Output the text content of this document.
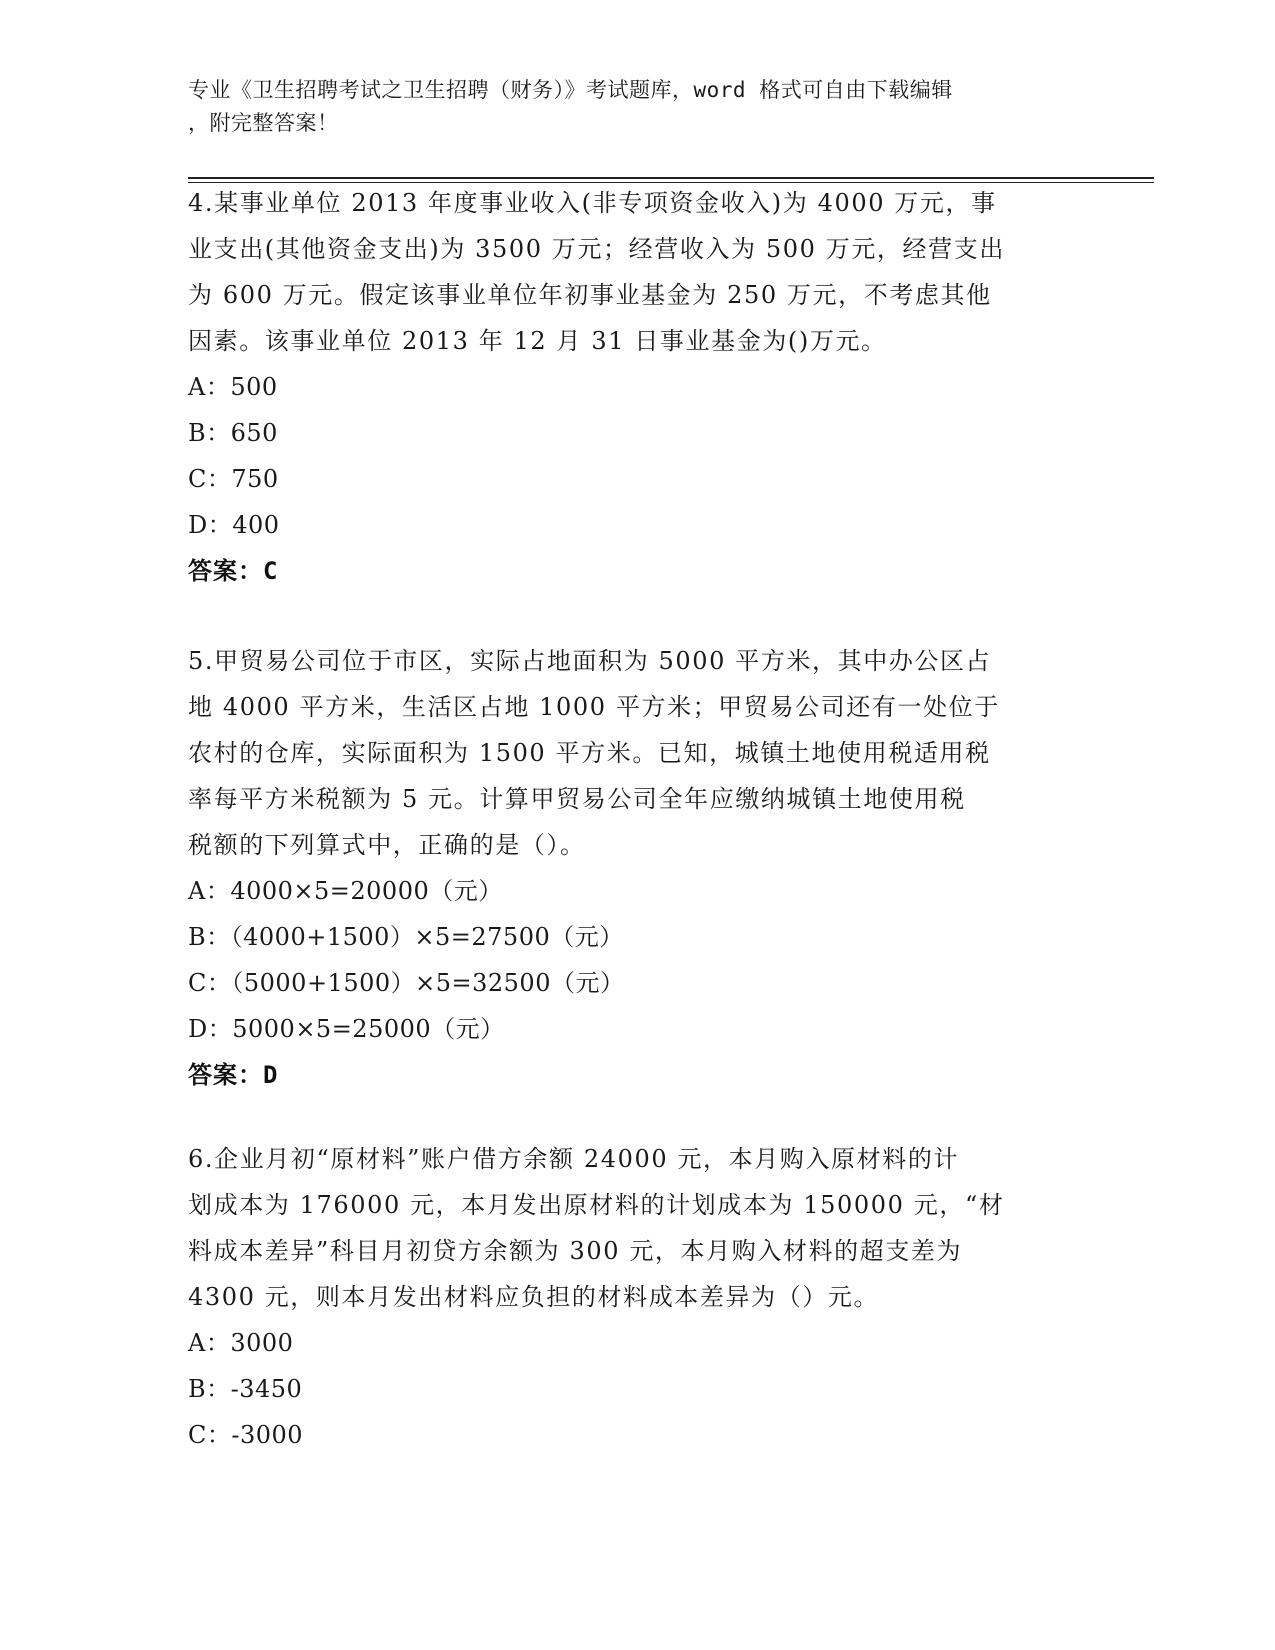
专业《卫生招聘考试之卫生招聘（财务）》考试题库，word 格式可自由下载编辑
，附完整答案！
4.某事业单位 2013 年度事业收入(非专项资金收入)为 4000 万元，事
业支出(其他资金支出)为 3500 万元；经营收入为 500 万元，经营支出
为 600 万元。假定该事业单位年初事业基金为 250 万元，不考虑其他
因素。该事业单位 2013 年 12 月 31 日事业基金为()万元。
A：500
B：650
C：750
D：400
答案：C
5.甲贸易公司位于市区，实际占地面积为 5000 平方米，其中办公区占
地 4000 平方米，生活区占地 1000 平方米；甲贸易公司还有一处位于
农村的仓库，实际面积为 1500 平方米。已知，城镇土地使用税适用税
率每平方米税额为 5 元。计算甲贸易公司全年应缴纳城镇土地使用税
税额的下列算式中，正确的是（）。
A：4000×5=20000（元）
B：（4000+1500）×5=27500（元）
C：（5000+1500）×5=32500（元）
D：5000×5=25000（元）
答案：D
6.企业月初“原材料”账户借方余额 24000 元，本月购入原材料的计
划成本为 176000 元，本月发出原材料的计划成本为 150000 元，“材
料成本差异”科目月初贷方余额为 300 元，本月购入材料的超支差为
4300 元，则本月发出材料应负担的材料成本差异为（）元。
A：3000
B：-3450
C：-3000
